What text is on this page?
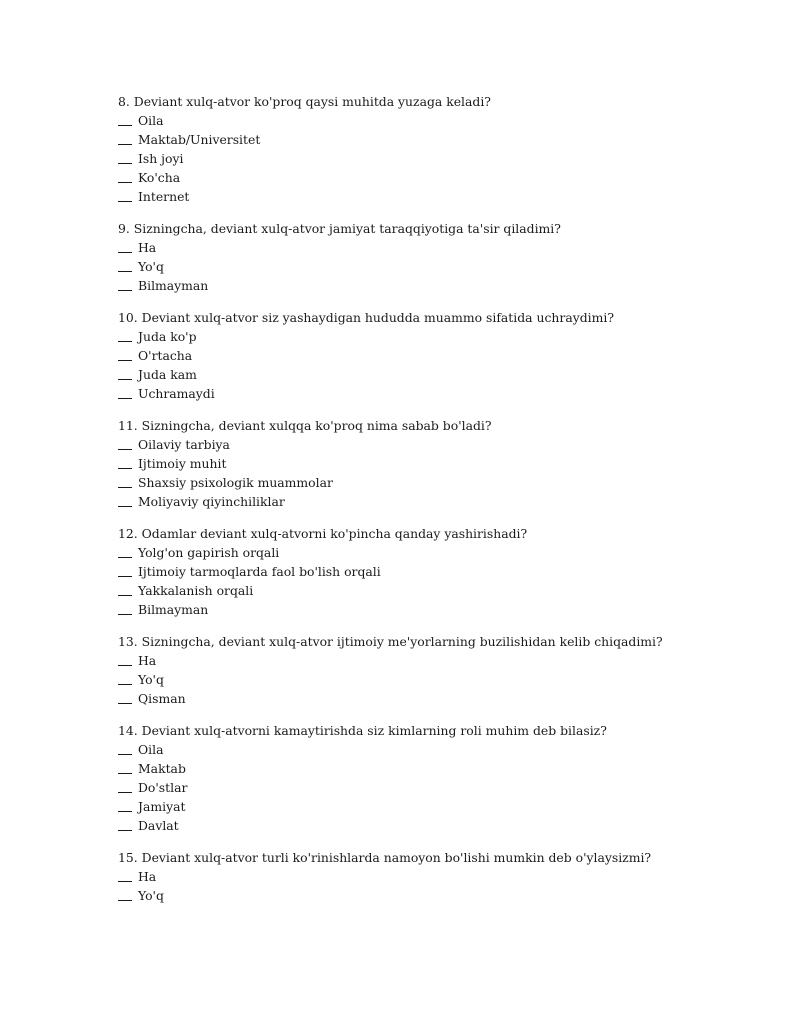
8. Deviant xulq-atvor ko'proq qaysi muhitda yuzaga keladi?
Oila
Maktab/Universitet
Ish joyi
Ko'cha
Internet
9. Sizningcha, deviant xulq-atvor jamiyat taraqqiyotiga ta'sir qiladimi?
Ha
Yo'q
Bilmayman
10. Deviant xulq-atvor siz yashaydigan hududda muammo sifatida uchraydimi?
Juda ko'p
O'rtacha
Juda kam
Uchramaydi
11. Sizningcha, deviant xulqqa ko'proq nima sabab bo'ladi?
Oilaviy tarbiya
Ijtimoiy muhit
Shaxsiy psixologik muammolar
Moliyaviy qiyinchiliklar
12. Odamlar deviant xulq-atvorni ko'pincha qanday yashirishadi?
Yolg'on gapirish orqali
Ijtimoiy tarmoqlarda faol bo'lish orqali
Yakkalanish orqali
Bilmayman
13. Sizningcha, deviant xulq-atvor ijtimoiy me'yorlarning buzilishidan kelib chiqadimi?
Ha
Yo'q
Qisman
14. Deviant xulq-atvorni kamaytirishda siz kimlarning roli muhim deb bilasiz?
Oila
Maktab
Do'stlar
Jamiyat
Davlat
15. Deviant xulq-atvor turli ko'rinishlarda namoyon bo'lishi mumkin deb o'ylaysizmi?
Ha
Yo'q
